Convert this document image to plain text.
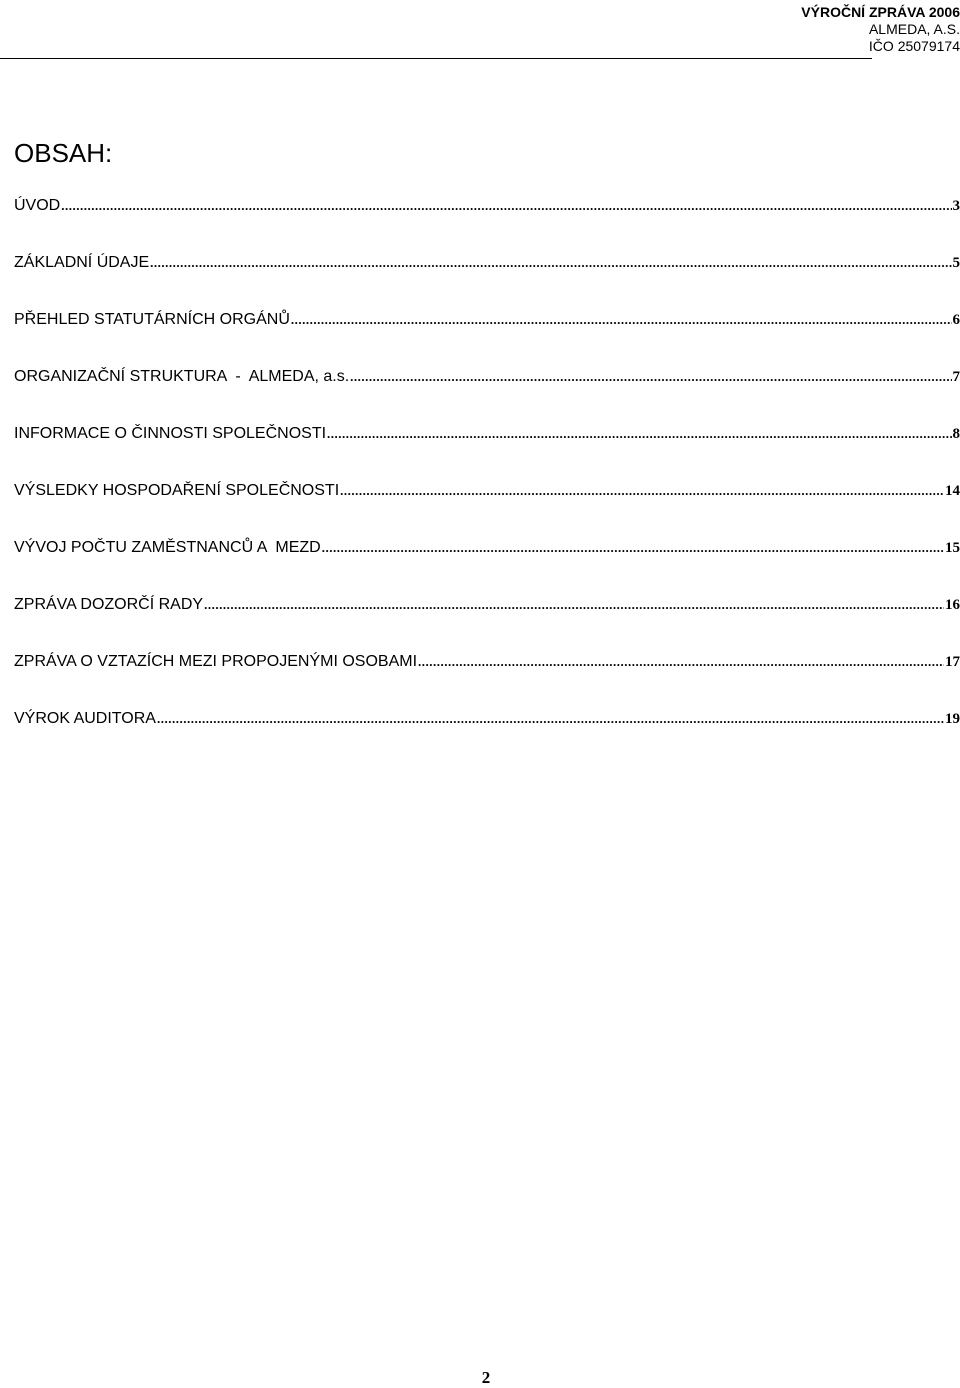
VÝROČNÍ ZPRÁVA 2006
ALMEDA, A.S.
IČO 25079174
OBSAH:
ÚVOD .....	3
ZÁKLADNÍ ÚDAJE .....	5
PŘEHLED STATUTÁRNÍCH ORGÁNŮ .....	6
ORGANIZAČNÍ STRUKTURA  -  ALMEDA, a.s. .....	7
INFORMACE O ČINNOSTI SPOLEČNOSTI .....	8
VÝSLEDKY HOSPODAŘENÍ SPOLEČNOSTI .....	14
VÝVOJ POČTU ZAMĚSTNANCŮ A  MEZD .....	15
ZPRÁVA DOZORČÍ RADY .....	16
ZPRÁVA O VZTAZÍCH MEZI PROPOJENÝMI OSOBAMI .....	17
VÝROK AUDITORA .....	19
2
